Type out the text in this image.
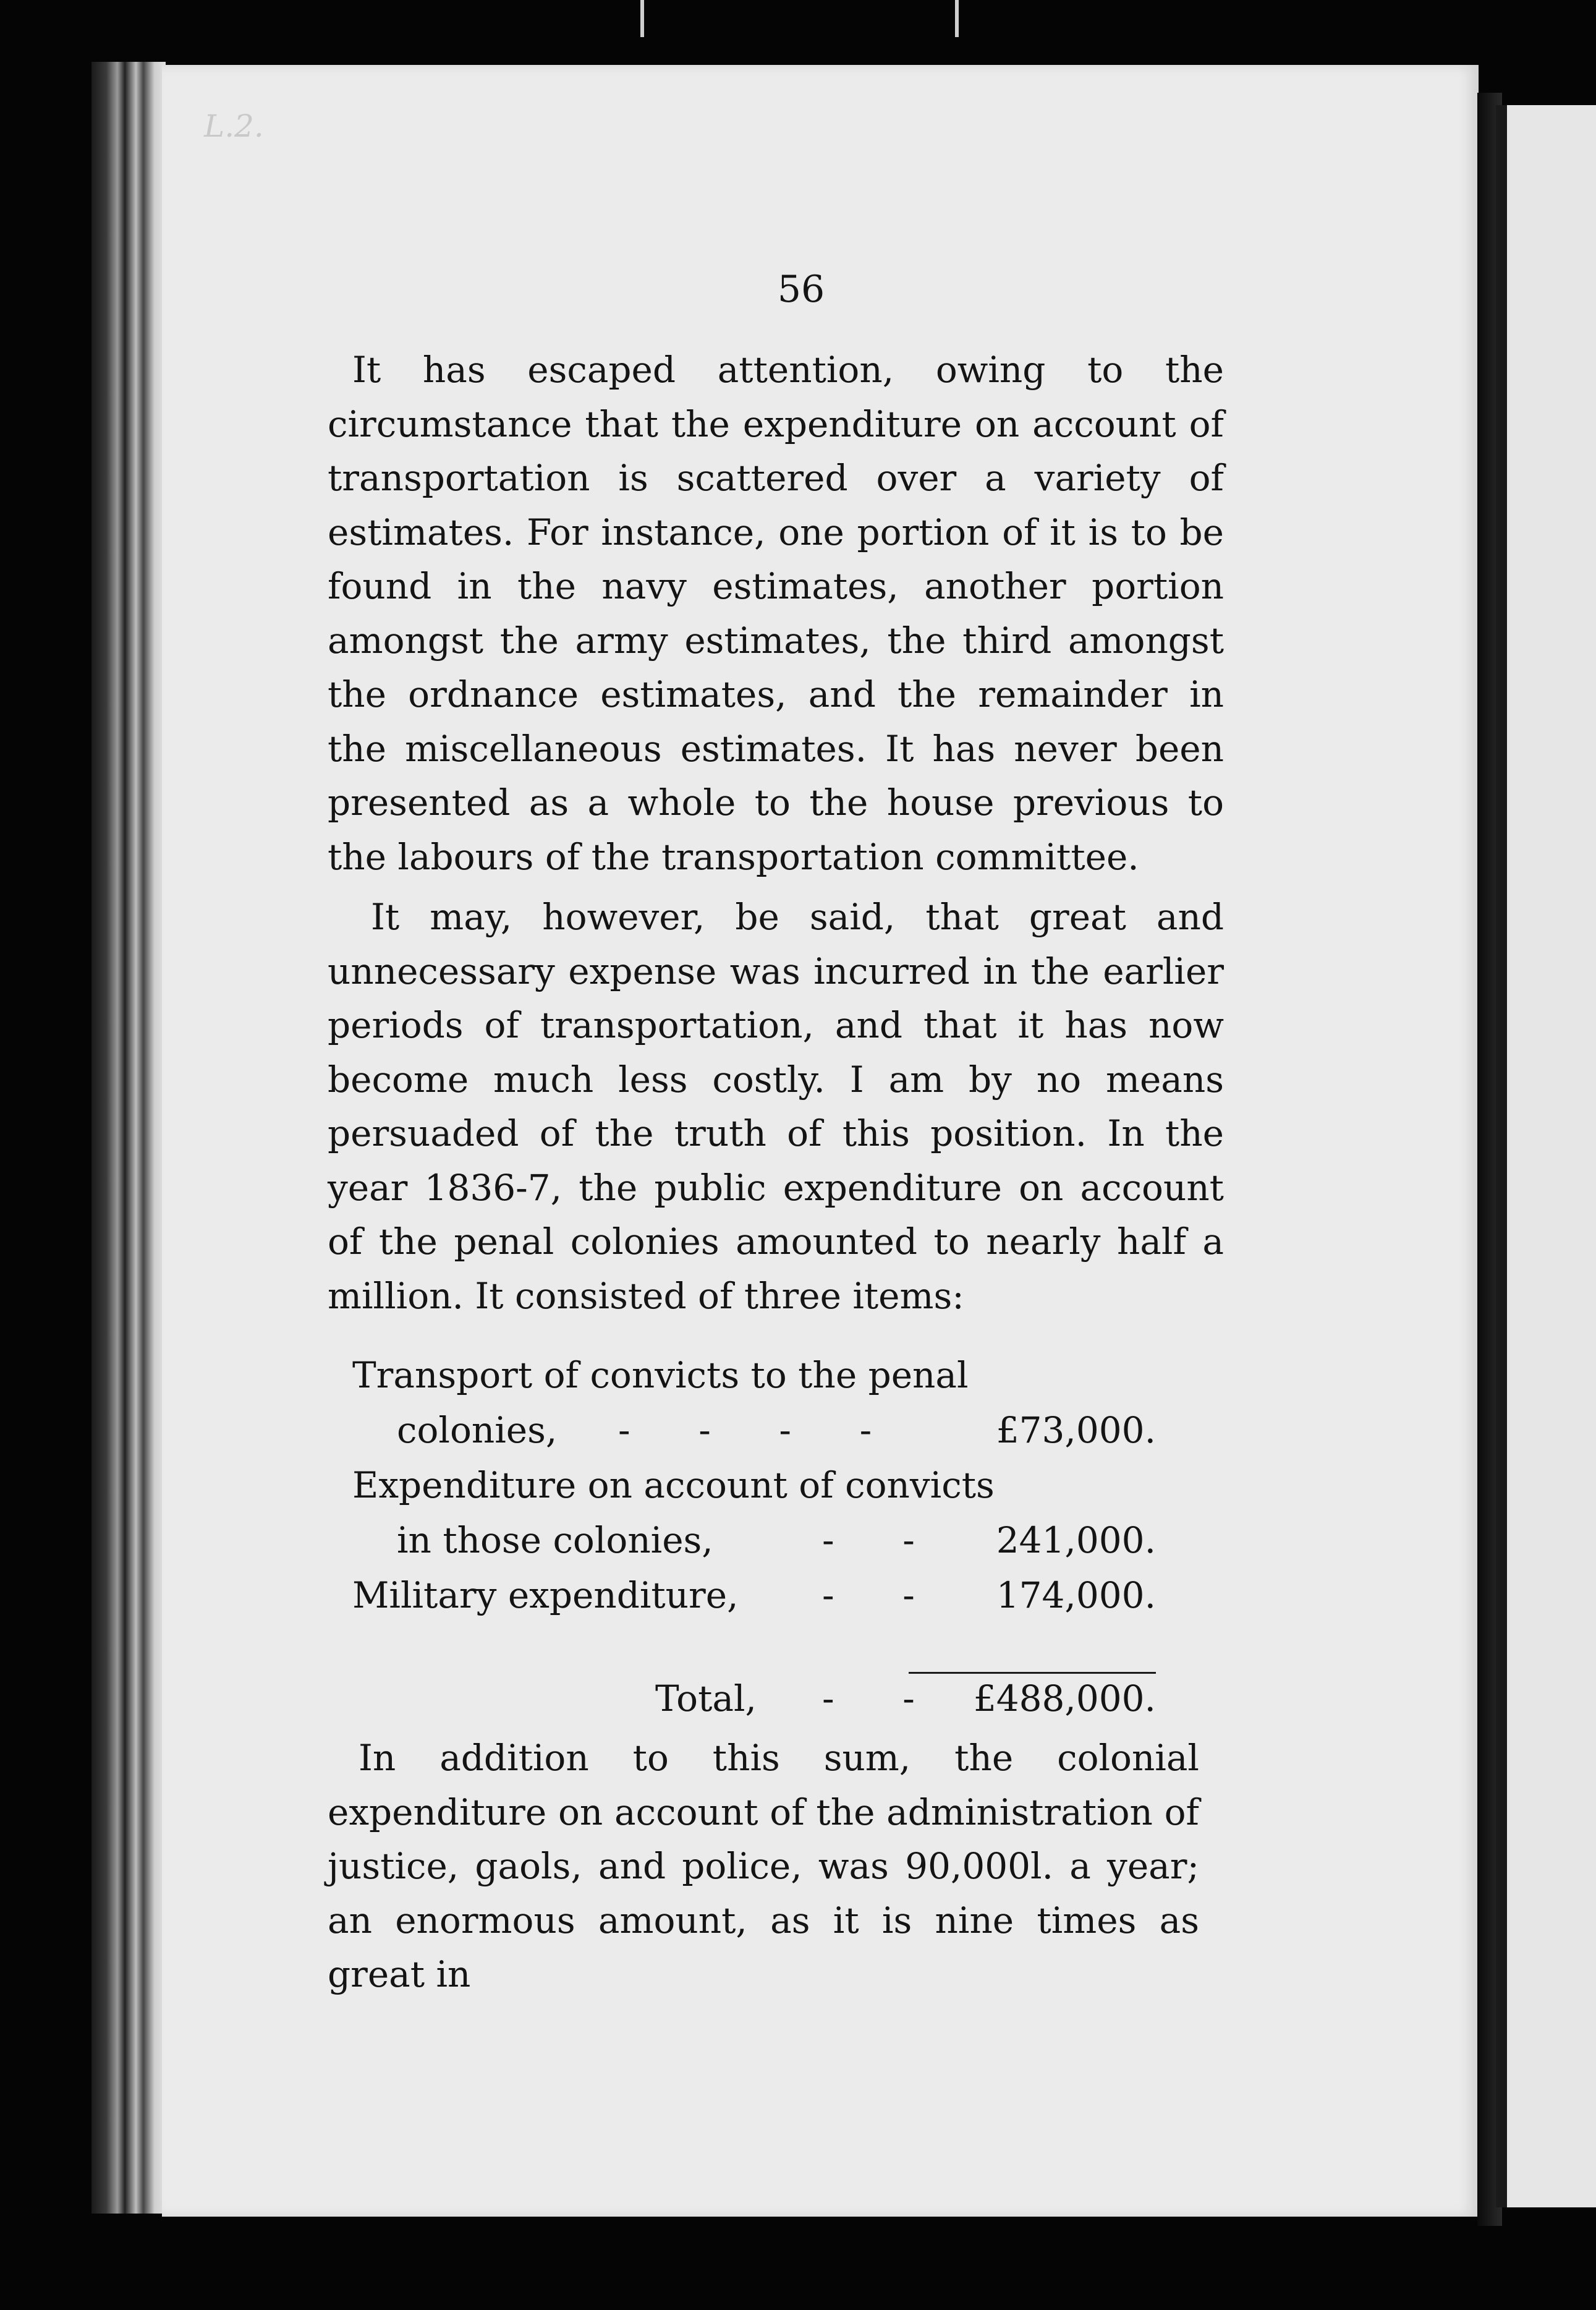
L.2.
56

It has escaped attention, owing to the circumstance that the expenditure on account of transportation is scattered over a variety of estimates. For instance, one portion of it is to be found in the navy estimates, another portion amongst the army estimates, the third amongst the ordnance estimates, and the remainder in the miscellaneous estimates. It has never been presented as a whole to the house previous to the labours of the transportation committee.

It may, however, be said, that great and unnecessary expense was incurred in the earlier periods of transportation, and that it has now become much less costly. I am by no means persuaded of the truth of this position. In the year 1836-7, the public expenditure on account of the penal colonies amounted to nearly half a million. It consisted of three items:

Transport of convicts to the penal
colonies, -      -      -      -	£73,000.
Expenditure on account of convicts
in those colonies,	-      - 241,000.
Military expenditure, -      - 174,000.
Total, -      - £488,000.

In addition to this sum, the colonial expenditure on account of the administration of justice, gaols, and police, was 90,000l. a year; an enormous amount, as it is nine times as great in
